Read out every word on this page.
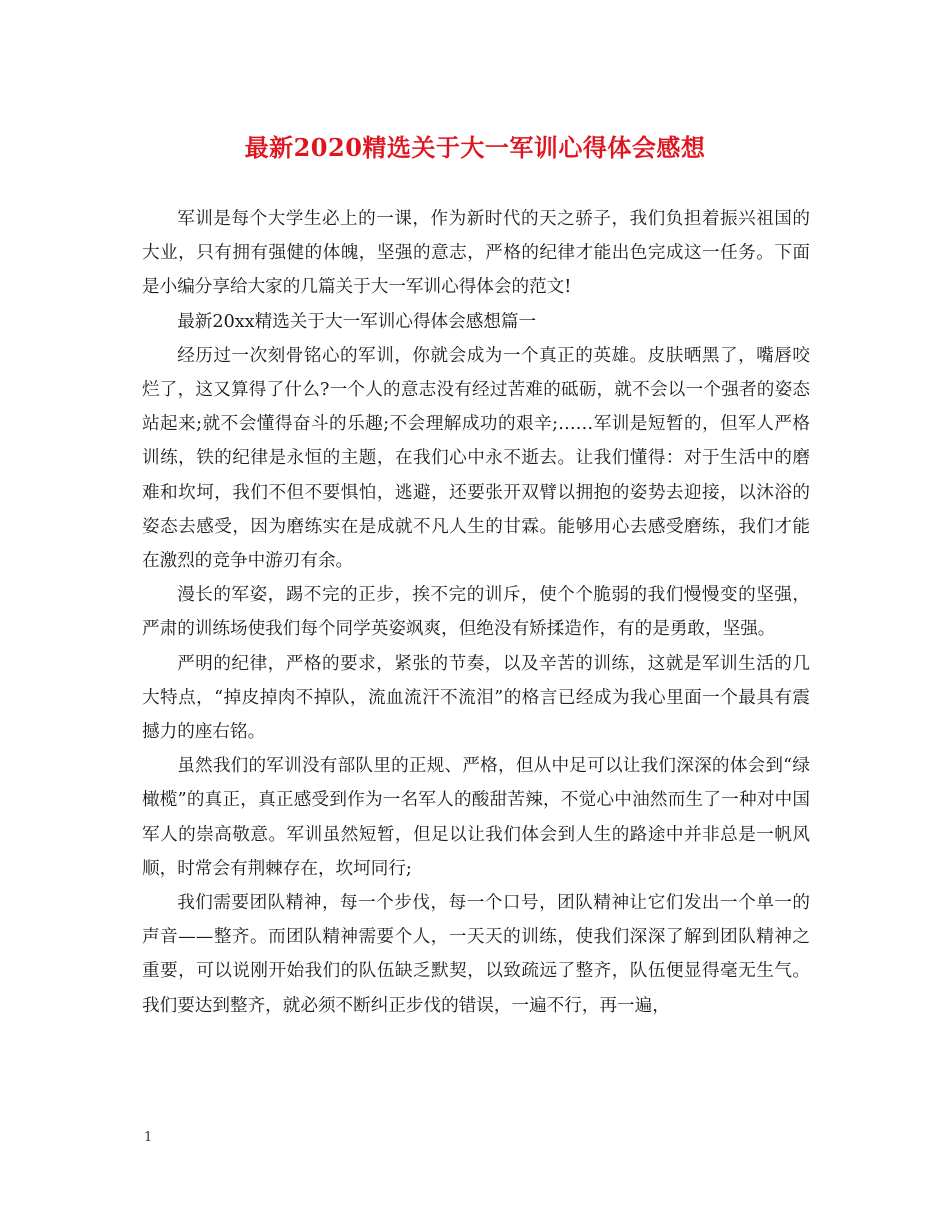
最新2020精选关于大一军训心得体会感想

军训是每个大学生必上的一课，作为新时代的天之骄子，我们负担着振兴祖国的大业，只有拥有强健的体魄，坚强的意志，严格的纪律才能出色完成这一任务。下面是小编分享给大家的几篇关于大一军训心得体会的范文!

最新20xx精选关于大一军训心得体会感想篇一

经历过一次刻骨铭心的军训，你就会成为一个真正的英雄。皮肤晒黑了，嘴唇咬烂了，这又算得了什么?一个人的意志没有经过苦难的砥砺，就不会以一个强者的姿态站起来;就不会懂得奋斗的乐趣;不会理解成功的艰辛;……军训是短暂的，但军人严格训练，铁的纪律是永恒的主题，在我们心中永不逝去。让我们懂得：对于生活中的磨难和坎坷，我们不但不要惧怕，逃避，还要张开双臂以拥抱的姿势去迎接，以沐浴的姿态去感受，因为磨练实在是成就不凡人生的甘霖。能够用心去感受磨练，我们才能在激烈的竞争中游刃有余。

漫长的军姿，踢不完的正步，挨不完的训斥，使个个脆弱的我们慢慢变的坚强，严肃的训练场使我们每个同学英姿飒爽，但绝没有矫揉造作，有的是勇敢，坚强。

严明的纪律，严格的要求，紧张的节奏，以及辛苦的训练，这就是军训生活的几大特点，“掉皮掉肉不掉队，流血流汗不流泪”的格言已经成为我心里面一个最具有震撼力的座右铭。

虽然我们的军训没有部队里的正规、严格，但从中足可以让我们深深的体会到“绿橄榄”的真正，真正感受到作为一名军人的酸甜苦辣，不觉心中油然而生了一种对中国军人的崇高敬意。军训虽然短暂，但足以让我们体会到人生的路途中并非总是一帆风顺，时常会有荆棘存在，坎坷同行;

我们需要团队精神，每一个步伐，每一个口号，团队精神让它们发出一个单一的声音——整齐。而团队精神需要个人，一天天的训练，使我们深深了解到团队精神之重要，可以说刚开始我们的队伍缺乏默契，以致疏远了整齐，队伍便显得毫无生气。我们要达到整齐，就必须不断纠正步伐的错误，一遍不行，再一遍，

1
